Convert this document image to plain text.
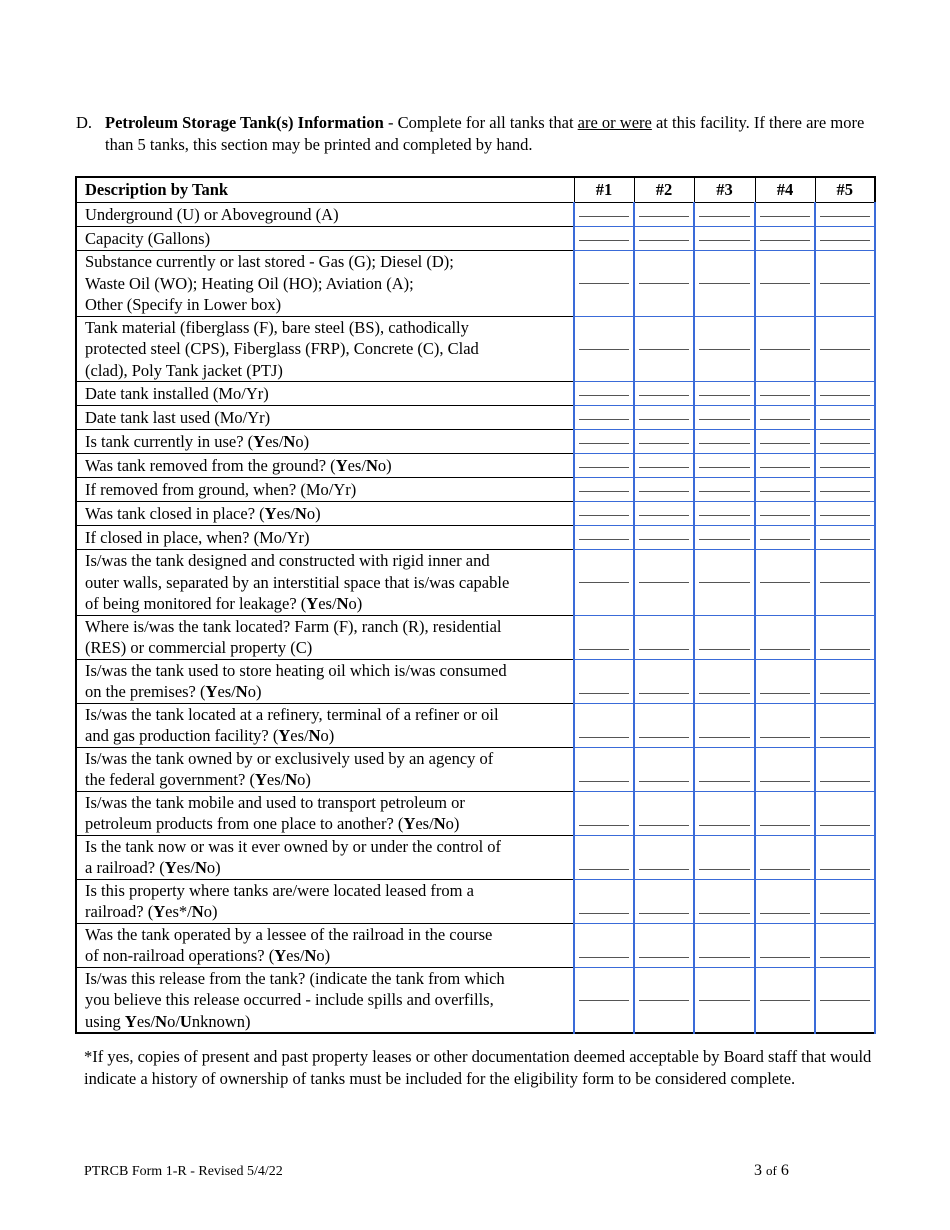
D. Petroleum Storage Tank(s) Information - Complete for all tanks that are or were at this facility. If there are more than 5 tanks, this section may be printed and completed by hand.
Description by Tank	#1	#2	#3	#4	#5
Underground (U) or Aboveground (A)	

Capacity (Gallons)	

Substance currently or last stored - Gas (G); Diesel (D);
Waste Oil (WO); Heating Oil (HO); Aviation (A);
Other (Specify in Lower box)	

Tank material (fiberglass (F), bare steel (BS), cathodically
protected steel (CPS), Fiberglass (FRP), Concrete (C), Clad
(clad), Poly Tank jacket (PTJ)	

Date tank installed (Mo/Yr)	

Date tank last used (Mo/Yr)	

Is tank currently in use? (Yes/No)	

Was tank removed from the ground? (Yes/No)	

If removed from ground, when? (Mo/Yr)	

Was tank closed in place? (Yes/No)	

If closed in place, when? (Mo/Yr)	

Is/was the tank designed and constructed with rigid inner and
outer walls, separated by an interstitial space that is/was capable
of being monitored for leakage? (Yes/No)	

Where is/was the tank located? Farm (F), ranch (R), residential
(RES) or commercial property (C)	

Is/was the tank used to store heating oil which is/was consumed
on the premises? (Yes/No)	

Is/was the tank located at a refinery, terminal of a refiner or oil
and gas production facility? (Yes/No)	

Is/was the tank owned by or exclusively used by an agency of
the federal government? (Yes/No)	

Is/was the tank mobile and used to transport petroleum or
petroleum products from one place to another? (Yes/No)	

Is the tank now or was it ever owned by or under the control of
a railroad? (Yes/No)	

Is this property where tanks are/were located leased from a
railroad? (Yes*/No)	

Was the tank operated by a lessee of the railroad in the course
of non-railroad operations? (Yes/No)	

Is/was this release from the tank? (indicate the tank from which
you believe this release occurred - include spills and overfills,
using Yes/No/Unknown)	

*If yes, copies of present and past property leases or other documentation deemed acceptable by Board staff that would indicate a history of ownership of tanks must be included for the eligibility form to be considered complete.
PTRCB Form 1-R - Revised 5/4/22	3 of 6
